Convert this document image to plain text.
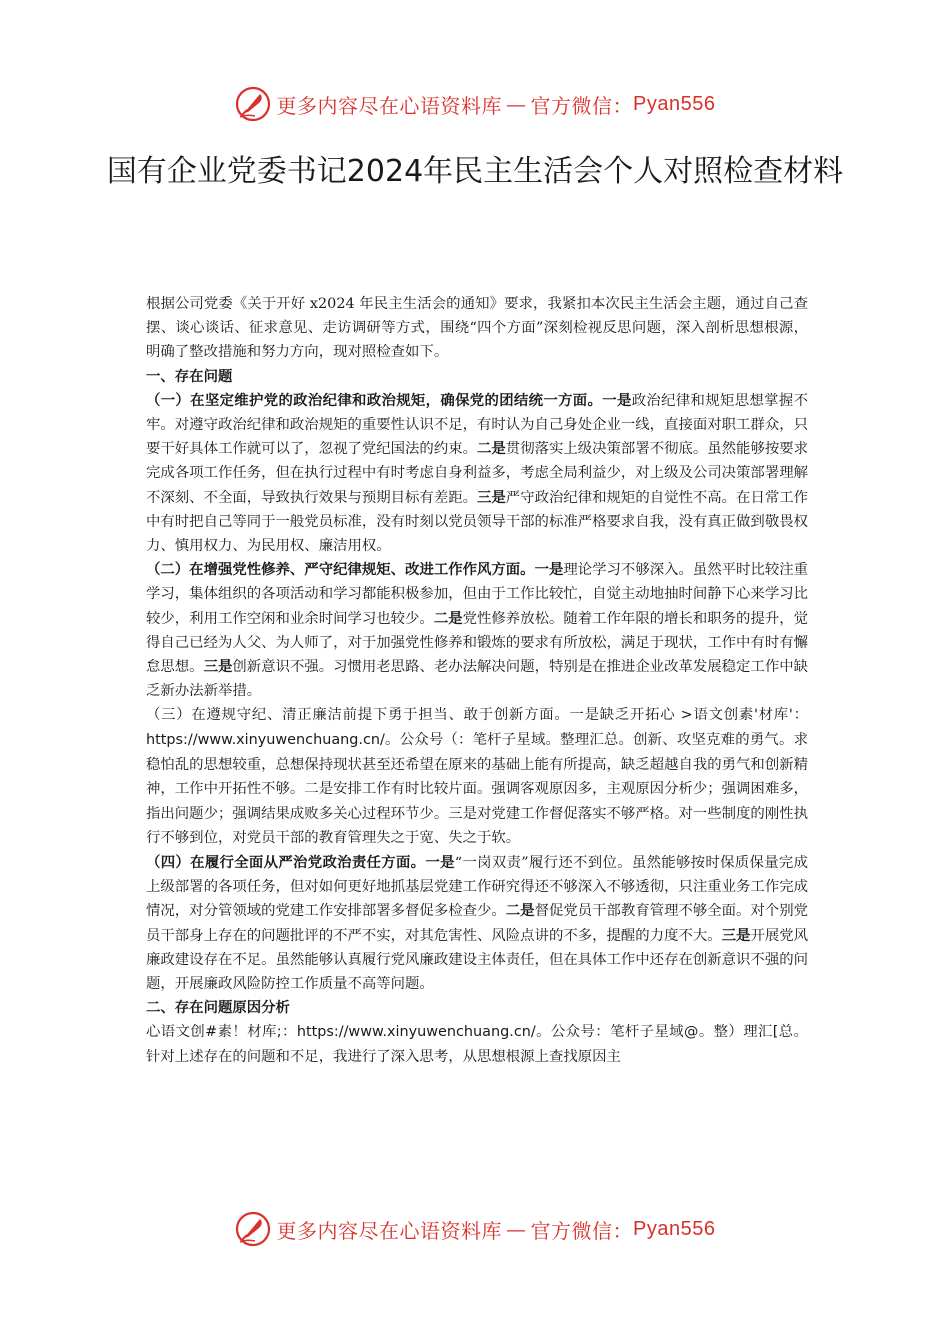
更多内容尽在心语资料库 — 官方微信： Pyan556
国有企业党委书记2024年民主生活会个人对照检查材料

根据公司党委《关于开好 x2024 年民主生活会的通知》要求，我紧扣本次民主生活会主题，通过自己查摆、谈心谈话、征求意见、走访调研等方式，围绕“四个方面”深刻检视反思问题，深入剖析思想根源，明确了整改措施和努力方向，现对照检查如下。

一、存在问题

（一）在坚定维护党的政治纪律和政治规矩，确保党的团结统一方面。一是政治纪律和规矩思想掌握不牢。对遵守政治纪律和政治规矩的重要性认识不足，有时认为自己身处企业一线，直接面对职工群众，只要干好具体工作就可以了，忽视了党纪国法的约束。二是贯彻落实上级决策部署不彻底。虽然能够按要求完成各项工作任务，但在执行过程中有时考虑自身利益多，考虑全局利益少，对上级及公司决策部署理解不深刻、不全面，导致执行效果与预期目标有差距。三是严守政治纪律和规矩的自觉性不高。在日常工作中有时把自己等同于一般党员标准，没有时刻以党员领导干部的标准严格要求自我，没有真正做到敬畏权力、慎用权力、为民用权、廉洁用权。

（二）在增强党性修养、严守纪律规矩、改进工作作风方面。一是理论学习不够深入。虽然平时比较注重学习，集体组织的各项活动和学习都能积极参加，但由于工作比较忙，自觉主动地抽时间静下心来学习比较少，利用工作空闲和业余时间学习也较少。二是党性修养放松。随着工作年限的增长和职务的提升，觉得自己已经为人父、为人师了，对于加强党性修养和锻炼的要求有所放松，满足于现状，工作中有时有懈怠思想。三是创新意识不强。习惯用老思路、老办法解决问题，特别是在推进企业改革发展稳定工作中缺乏新办法新举措。

（三）在遵规守纪、清正廉洁前提下勇于担当、敢于创新方面。一是缺乏开拓心 >语文创素'材库'：https://www.xinyuwenchuang.cn/。公众号（：笔杆子星域。整理汇总。创新、攻坚克难的勇气。求稳怕乱的思想较重，总想保持现状甚至还希望在原来的基础上能有所提高，缺乏超越自我的勇气和创新精神，工作中开拓性不够。二是安排工作有时比较片面。强调客观原因多，主观原因分析少；强调困难多，指出问题少；强调结果成败多关心过程环节少。三是对党建工作督促落实不够严格。对一些制度的刚性执行不够到位，对党员干部的教育管理失之于宽、失之于软。

（四）在履行全面从严治党政治责任方面。一是“一岗双责”履行还不到位。虽然能够按时保质保量完成上级部署的各项任务，但对如何更好地抓基层党建工作研究得还不够深入不够透彻，只注重业务工作完成情况，对分管领域的党建工作安排部署多督促多检查少。二是督促党员干部教育管理不够全面。对个别党员干部身上存在的问题批评的不严不实，对其危害性、风险点讲的不多，提醒的力度不大。三是开展党风廉政建设存在不足。虽然能够认真履行党风廉政建设主体责任，但在具体工作中还存在创新意识不强的问题，开展廉政风险防控工作质量不高等问题。

二、存在问题原因分析

心语文创#素！材库;：https://www.xinyuwenchuang.cn/。公众号：笔杆子星域@。整）理汇[总。针对上述存在的问题和不足，我进行了深入思考，从思想根源上查找原因主

更多内容尽在心语资料库 — 官方微信： Pyan556
